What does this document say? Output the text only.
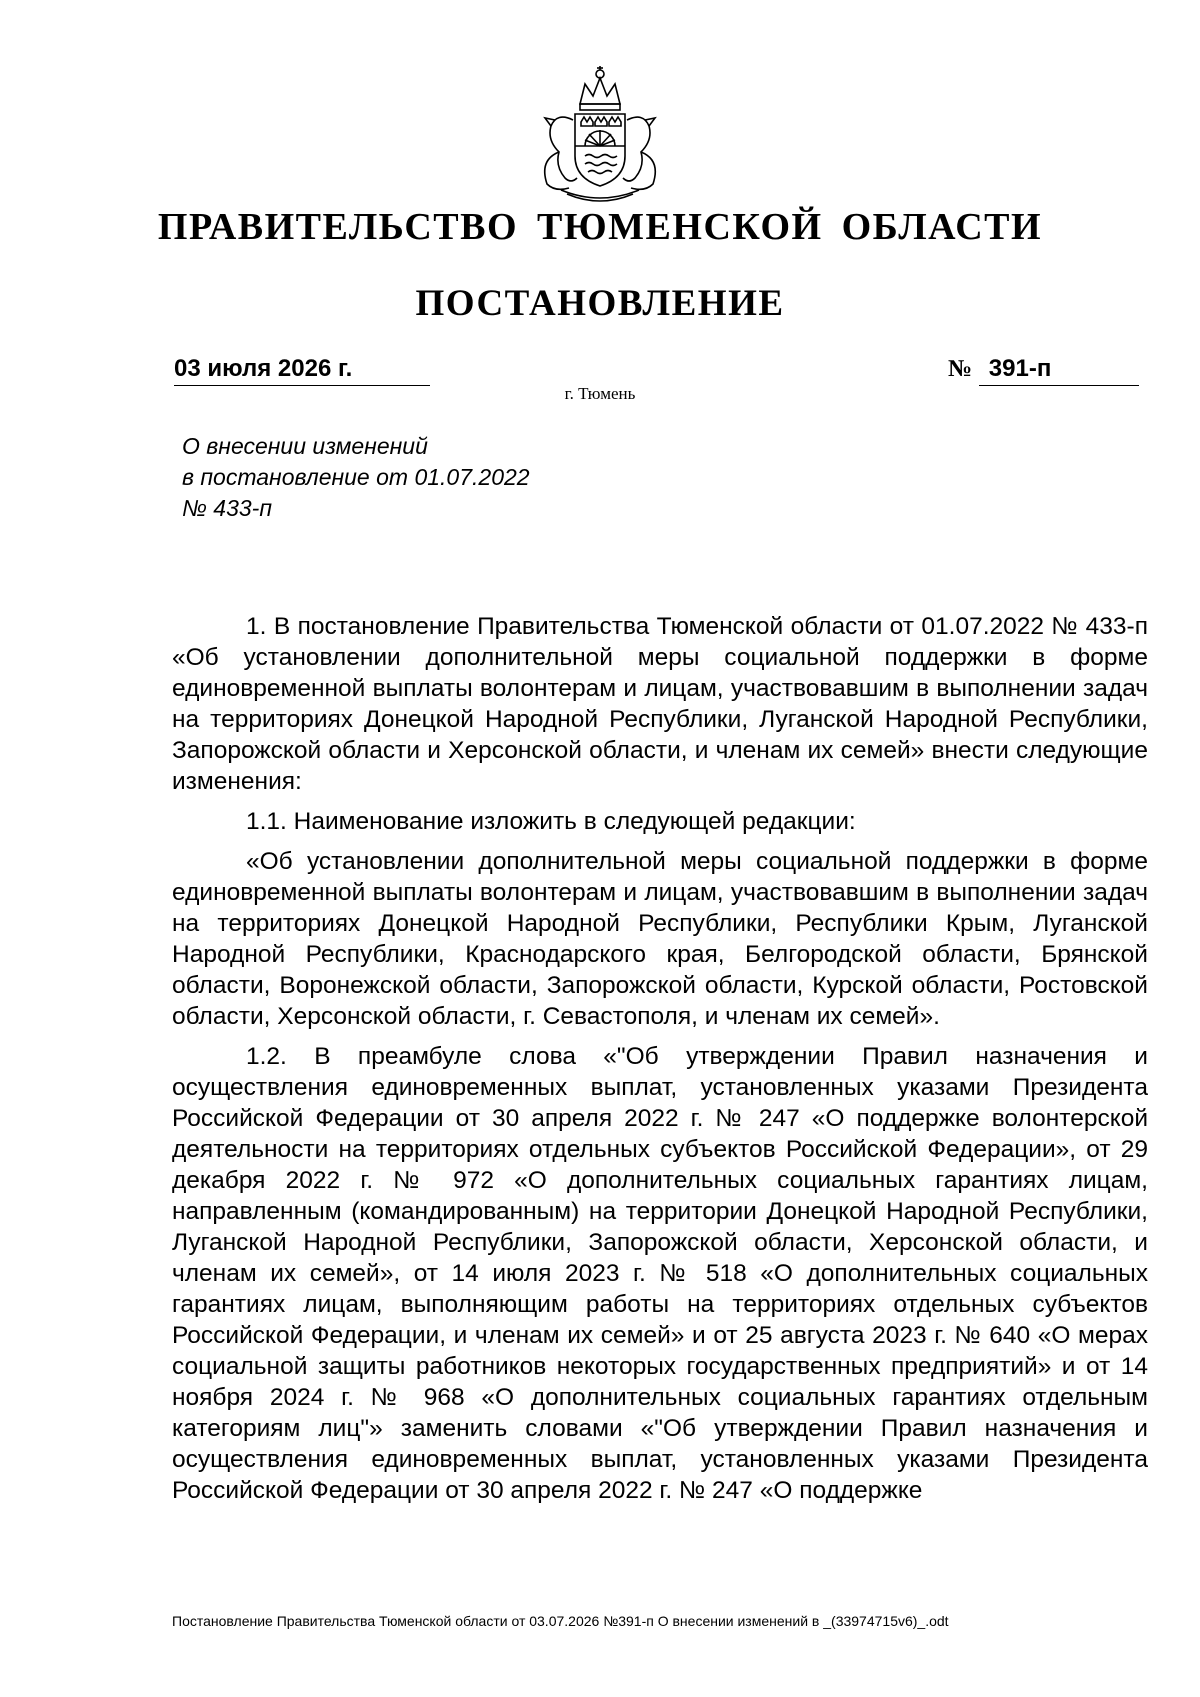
ПРАВИТЕЛЬСТВО ТЮМЕНСКОЙ ОБЛАСТИ
ПОСТАНОВЛЕНИЕ
03 июля 2026 г.	№ 391-п
г. Тюмень
О внесении изменений
в постановление от 01.07.2022
№ 433-п

1. В постановление Правительства Тюменской области от 01.07.2022 № 433-п «Об установлении дополнительной меры социальной поддержки в форме единовременной выплаты волонтерам и лицам, участвовавшим в выполнении задач на территориях Донецкой Народной Республики, Луганской Народной Республики, Запорожской области и Херсонской области, и членам их семей» внести следующие изменения:

1.1. Наименование изложить в следующей редакции:

«Об установлении дополнительной меры социальной поддержки в форме единовременной выплаты волонтерам и лицам, участвовавшим в выполнении задач на территориях Донецкой Народной Республики, Республики Крым, Луганской Народной Республики, Краснодарского края, Белгородской области, Брянской области, Воронежской области, Запорожской области, Курской области, Ростовской области, Херсонской области, г. Севастополя, и членам их семей».

1.2. В преамбуле слова «"Об утверждении Правил назначения и осуществления единовременных выплат, установленных указами Президента Российской Федерации от 30 апреля 2022 г. № 247 «О поддержке волонтерской деятельности на территориях отдельных субъектов Российской Федерации», от 29 декабря 2022 г. № 972 «О дополнительных социальных гарантиях лицам, направленным (командированным) на территории Донецкой Народной Республики, Луганской Народной Республики, Запорожской области, Херсонской области, и членам их семей», от 14 июля 2023 г. № 518 «О дополнительных социальных гарантиях лицам, выполняющим работы на территориях отдельных субъектов Российской Федерации, и членам их семей» и от 25 августа 2023 г. № 640 «О мерах социальной защиты работников некоторых государственных предприятий» и от 14 ноября 2024 г. № 968 «О дополнительных социальных гарантиях отдельным категориям лиц"» заменить словами «"Об утверждении Правил назначения и осуществления единовременных выплат, установленных указами Президента Российской Федерации от 30 апреля 2022 г. № 247 «О поддержке

Постановление Правительства Тюменской области от 03.07.2026 №391-п О внесении изменений в _(33974715v6)_.odt
